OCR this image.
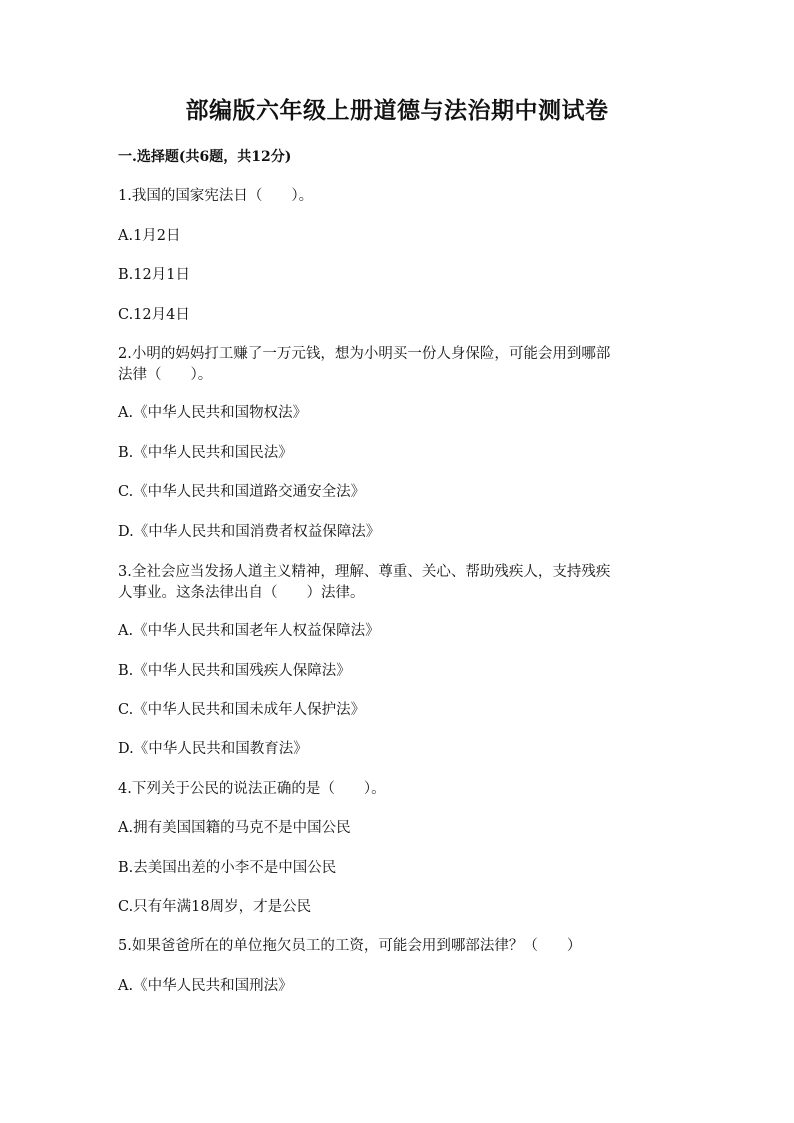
部编版六年级上册道德与法治期中测试卷
一.选择题(共6题，共12分)
1.我国的国家宪法日（　　）。
A.1月2日
B.12月1日
C.12月4日
2.小明的妈妈打工赚了一万元钱，想为小明买一份人身保险，可能会用到哪部
法律（　　）。
A.《中华人民共和国物权法》
B.《中华人民共和国民法》
C.《中华人民共和国道路交通安全法》
D.《中华人民共和国消费者权益保障法》
3.全社会应当发扬人道主义精神，理解、尊重、关心、帮助残疾人，支持残疾
人事业。这条法律出自（　　）法律。
A.《中华人民共和国老年人权益保障法》
B.《中华人民共和国残疾人保障法》
C.《中华人民共和国未成年人保护法》
D.《中华人民共和国教育法》
4.下列关于公民的说法正确的是（　　）。
A.拥有美国国籍的马克不是中国公民
B.去美国出差的小李不是中国公民
C.只有年满18周岁，才是公民
5.如果爸爸所在的单位拖欠员工的工资，可能会用到哪部法律？（　　）
A.《中华人民共和国刑法》
